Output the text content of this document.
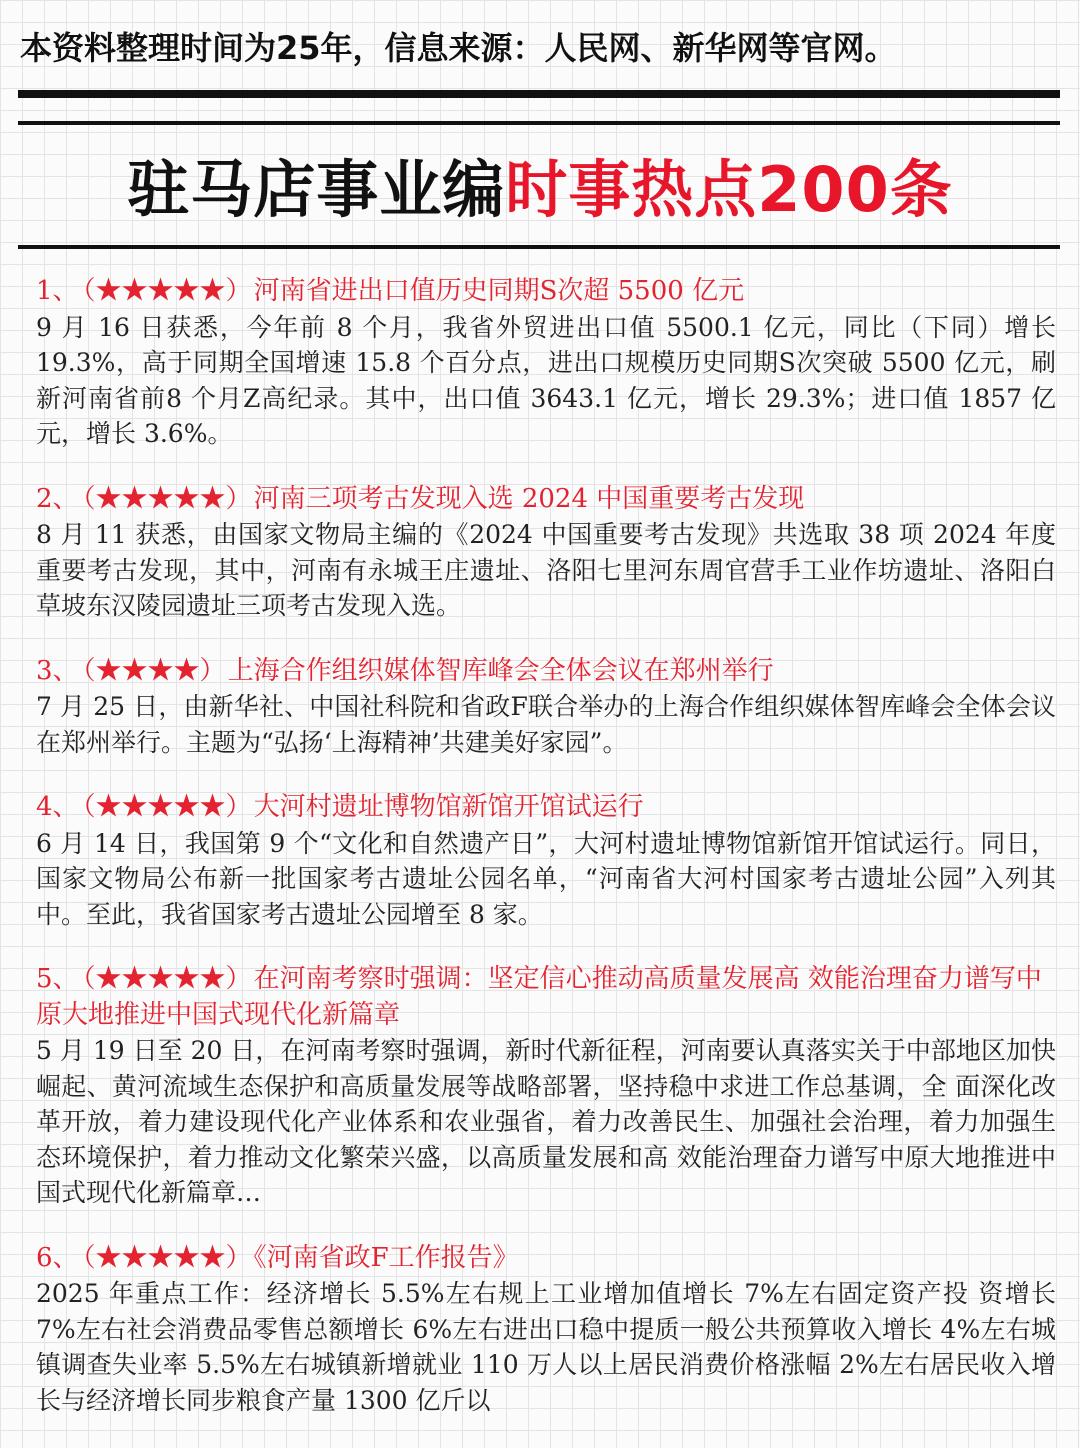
本资料整理时间为25年，信息来源：人民网、新华网等官网。
驻马店事业编时事热点200条
1、 （★★★★★）河南省进出口值历史同期S次超 5500 亿元
9 月 16 日获悉，今年前 8 个月，我省外贸进出口值 5500.1 亿元，同比（下同）增长 19.3%，高于同期全国增速 15.8 个百分点，进出口规模历史同期S次突破 5500 亿元，刷新河南省前8 个月Z高纪录。其中，出口值 3643.1 亿元，增长 29.3%；进口值 1857 亿元，增长 3.6%。
2、 （★★★★★）河南三项考古发现入选 2024 中国重要考古发现
8 月 11 获悉，由国家文物局主编的《2024 中国重要考古发现》共选取 38 项 2024 年度重要考古发现，其中，河南有永城王庄遗址、洛阳七里河东周官营手工业作坊遗址、洛阳白草坡东汉陵园遗址三项考古发现入选。
3、 （★★★★）上海合作组织媒体智库峰会全体会议在郑州举行
7 月 25 日，由新华社、中国社科院和省政F联合举办的上海合作组织媒体智库峰会全体会议在郑州举行。主题为“弘扬‘上海精神’共建美好家园”。
4、 （★★★★★）大河村遗址博物馆新馆开馆试运行
6 月 14 日，我国第 9 个“文化和自然遗产日”，大河村遗址博物馆新馆开馆试运行。同日，国家文物局公布新一批国家考古遗址公园名单，“河南省大河村国家考古遗址公园”入列其中。至此，我省国家考古遗址公园增至 8 家。
5、 （★★★★★）在河南考察时强调：坚定信心推动高质量发展高 效能治理奋力谱写中原大地推进中国式现代化新篇章
5 月 19 日至 20 日，在河南考察时强调，新时代新征程，河南要认真落实关于中部地区加快崛起、黄河流域生态保护和高质量发展等战略部署，坚持稳中求进工作总基调，全 面深化改革开放，着力建设现代化产业体系和农业强省，着力改善民生、加强社会治理，着力加强生态环境保护，着力推动文化繁荣兴盛，以高质量发展和高 效能治理奋力谱写中原大地推进中国式现代化新篇章…
6、 （★★★★★）《河南省政F工作报告》
2025 年重点工作：经济增长 5.5%左右规上工业增加值增长 7%左右固定资产投 资增长 7%左右社会消费品零售总额增长 6%左右进出口稳中提质一般公共预算收入增长 4%左右城镇调查失业率 5.5%左右城镇新增就业 110 万人以上居民消费价格涨幅 2%左右居民收入增长与经济增长同步粮食产量 1300 亿斤以
